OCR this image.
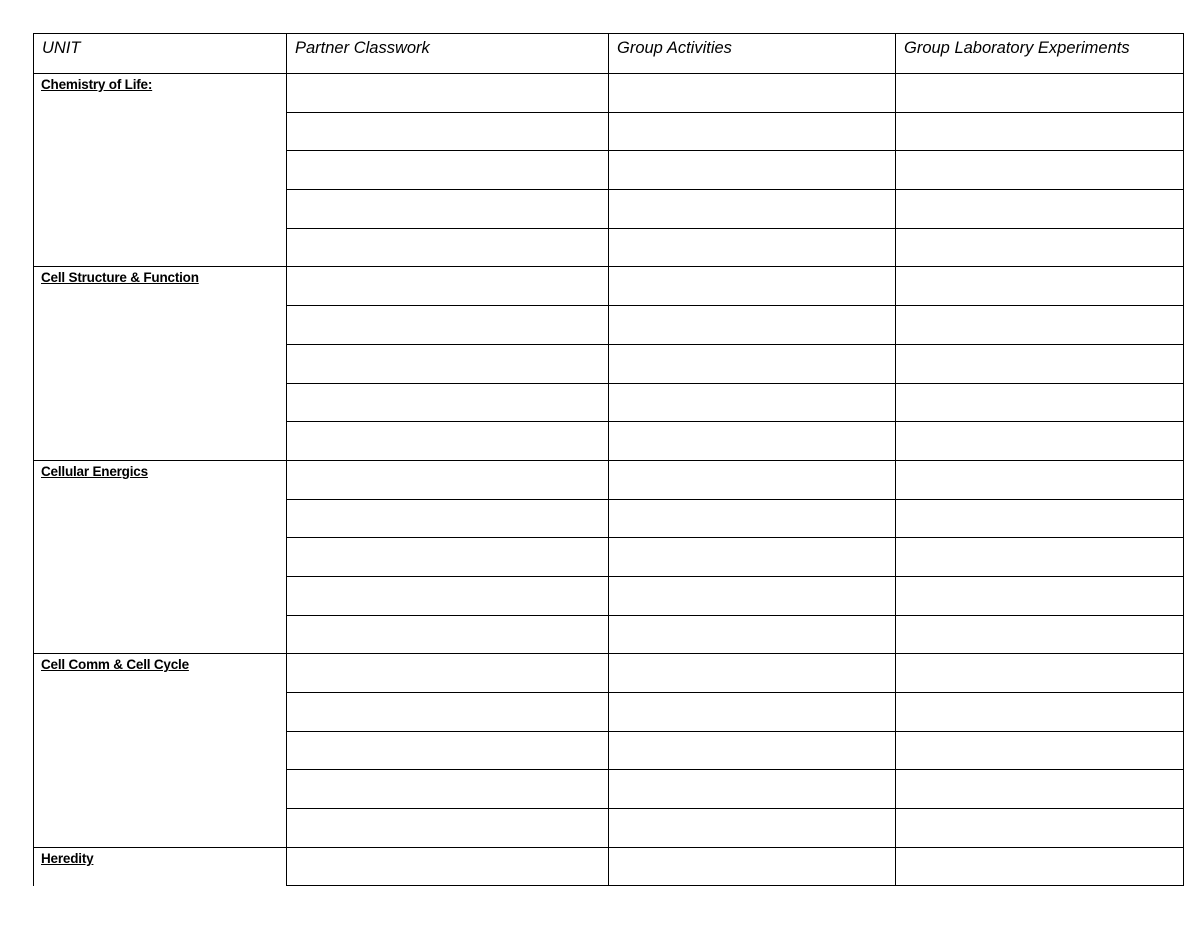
UNIT	Partner Classwork	Group Activities	Group Laboratory Experiments

Chemistry of Life:			

Cell Structure & Function			

Cellular Energics			

Cell Comm & Cell Cycle			

Heredity			
